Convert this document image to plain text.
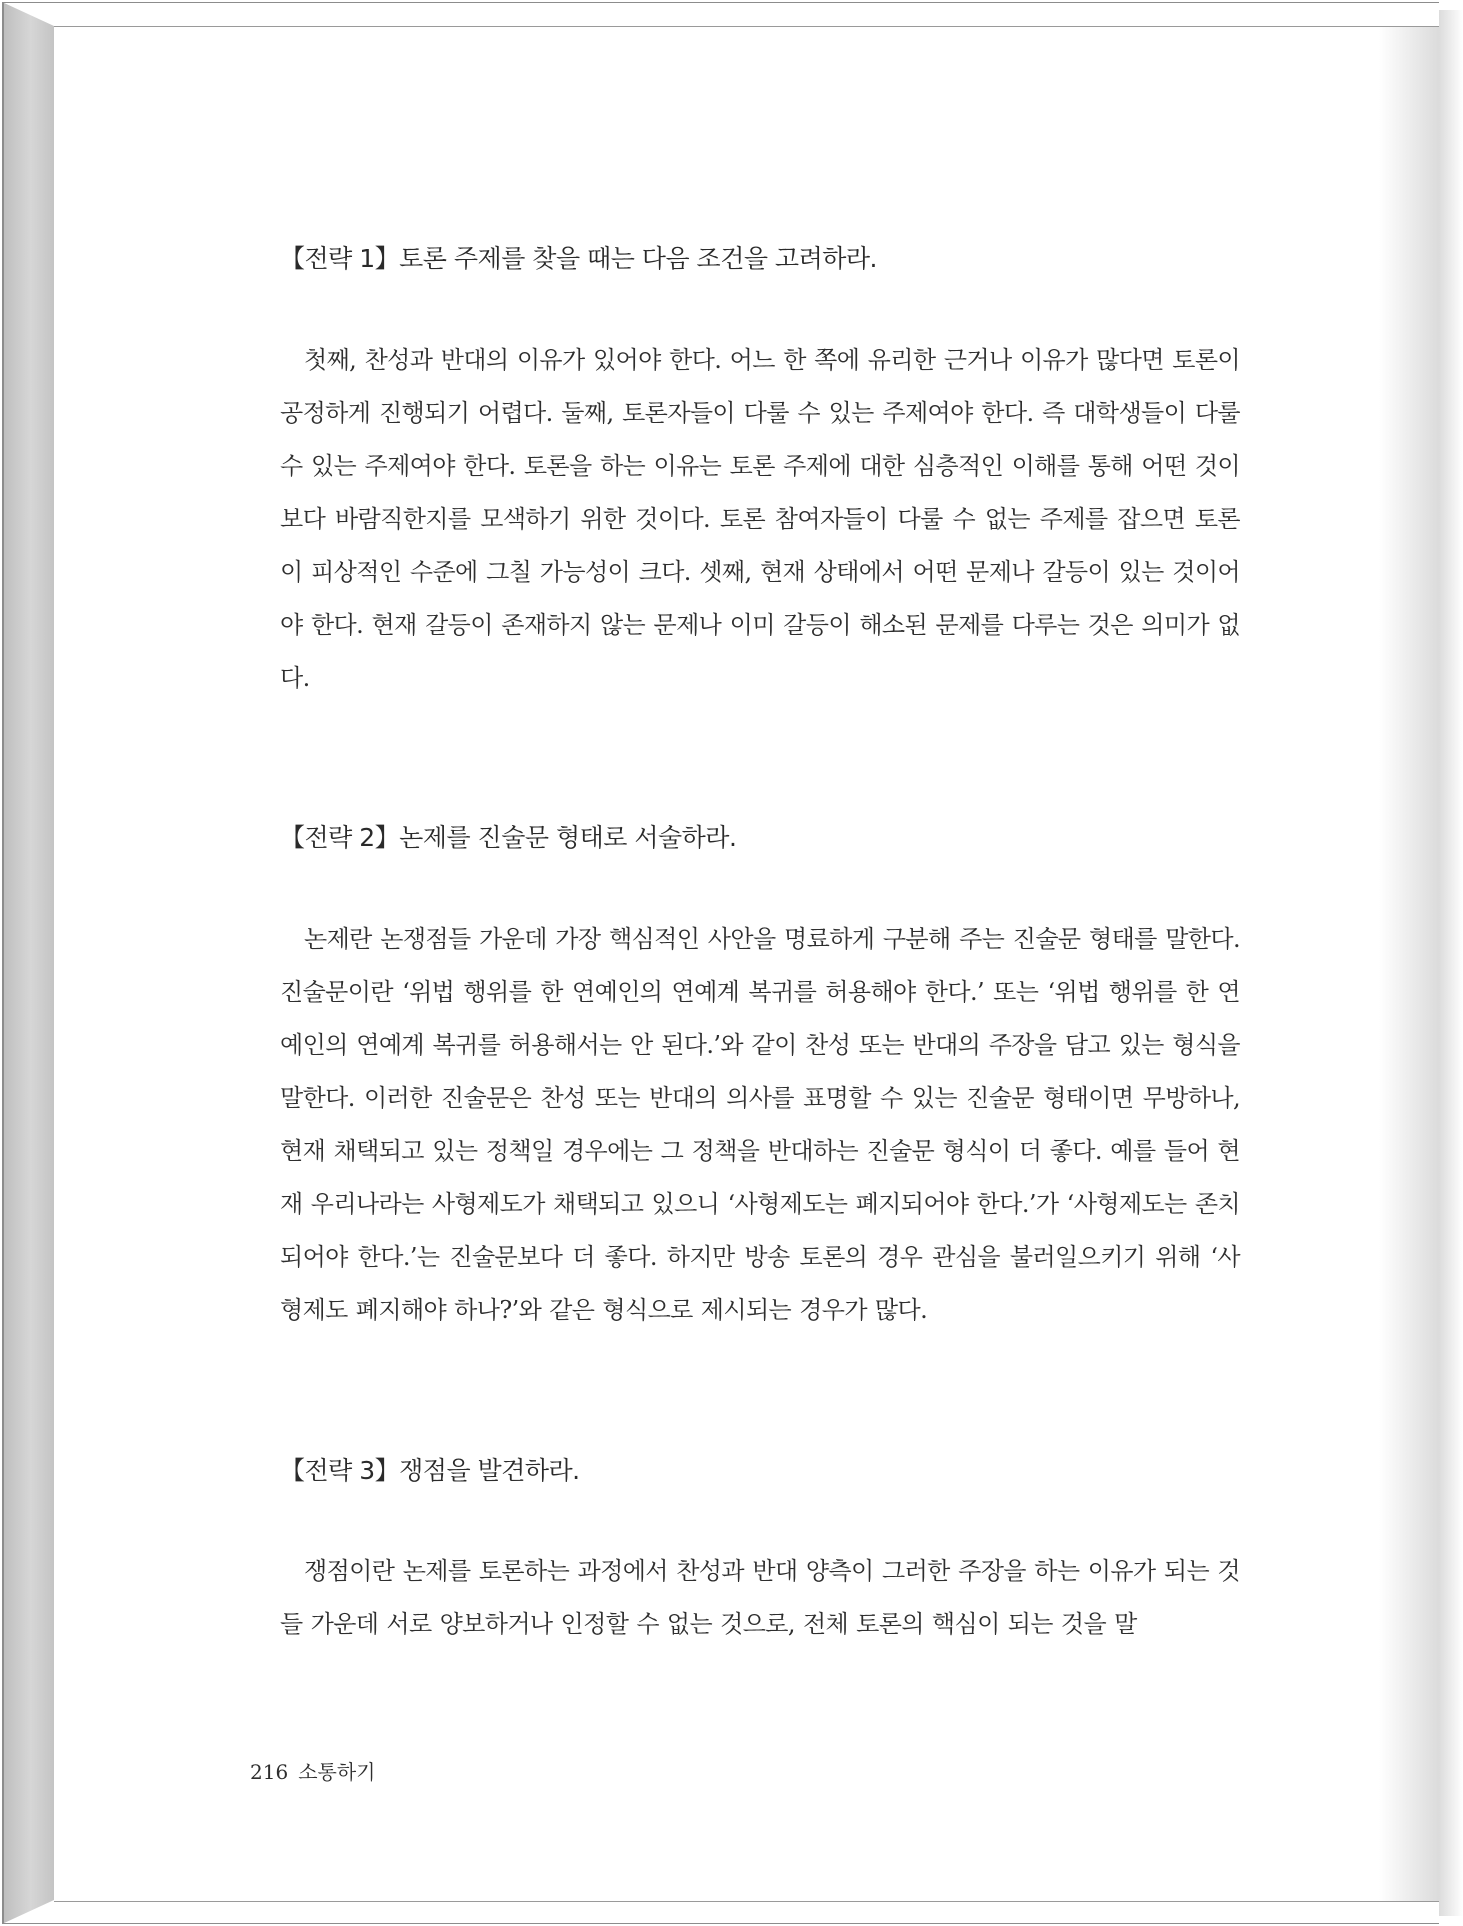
【전략 1】토론 주제를 찾을 때는 다음 조건을 고려하라.
첫째, 찬성과 반대의 이유가 있어야 한다. 어느 한 쪽에 유리한 근거나 이유가 많다면 토론이 공정하게 진행되기 어렵다. 둘째, 토론자들이 다룰 수 있는 주제여야 한다. 즉 대학생들이 다룰 수 있는 주제여야 한다. 토론을 하는 이유는 토론 주제에 대한 심층적인 이해를 통해 어떤 것이 보다 바람직한지를 모색하기 위한 것이다. 토론 참여자들이 다룰 수 없는 주제를 잡으면 토론이 피상적인 수준에 그칠 가능성이 크다. 셋째, 현재 상태에서 어떤 문제나 갈등이 있는 것이어야 한다. 현재 갈등이 존재하지 않는 문제나 이미 갈등이 해소된 문제를 다루는 것은 의미가 없다.
【전략 2】논제를 진술문 형태로 서술하라.
논제란 논쟁점들 가운데 가장 핵심적인 사안을 명료하게 구분해 주는 진술문 형태를 말한다. 진술문이란 ‘위법 행위를 한 연예인의 연예계 복귀를 허용해야 한다.’ 또는 ‘위법 행위를 한 연예인의 연예계 복귀를 허용해서는 안 된다.’와 같이 찬성 또는 반대의 주장을 담고 있는 형식을 말한다. 이러한 진술문은 찬성 또는 반대의 의사를 표명할 수 있는 진술문 형태이면 무방하나, 현재 채택되고 있는 정책일 경우에는 그 정책을 반대하는 진술문 형식이 더 좋다. 예를 들어 현재 우리나라는 사형제도가 채택되고 있으니 ‘사형제도는 폐지되어야 한다.’가 ‘사형제도는 존치되어야 한다.’는 진술문보다 더 좋다. 하지만 방송 토론의 경우 관심을 불러일으키기 위해 ‘사형제도 폐지해야 하나?’와 같은 형식으로 제시되는 경우가 많다.
【전략 3】쟁점을 발견하라.
쟁점이란 논제를 토론하는 과정에서 찬성과 반대 양측이 그러한 주장을 하는 이유가 되는 것들 가운데 서로 양보하거나 인정할 수 없는 것으로, 전체 토론의 핵심이 되는 것을 말
216 소통하기
